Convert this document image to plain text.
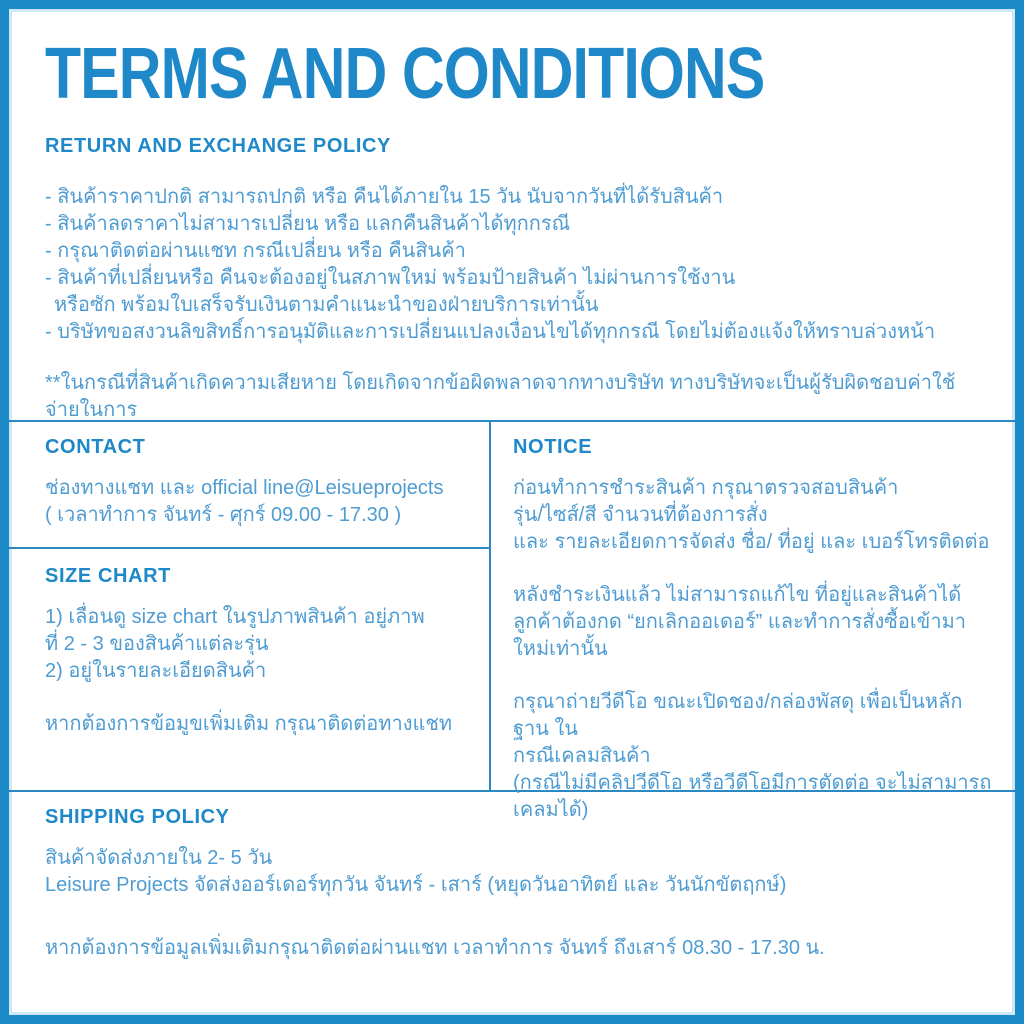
TERMS AND CONDITIONS
RETURN AND EXCHANGE POLICY
- สินค้าราคาปกติ สามารถปกติ หรือ คืนได้ภายใน 15 วัน นับจากวันที่ได้รับสินค้า
- สินค้าลดราคาไม่สามารเปลี่ยน หรือ แลกคืนสินค้าได้ทุกกรณี
- กรุณาติดต่อผ่านแชท กรณีเปลี่ยน หรือ คืนสินค้า
- สินค้าที่เปลี่ยนหรือ คืนจะต้องอยู่ในสภาพใหม่ พร้อมป้ายสินค้า ไม่ผ่านการใช้งาน
หรือซัก พร้อมใบเสร็จรับเงินตามคำแนะนำของฝ่ายบริการเท่านั้น
- บริษัทขอสงวนลิขสิทธิ์การอนุมัติและการเปลี่ยนแปลงเงื่อนไขได้ทุกกรณี โดยไม่ต้องแจ้งให้ทราบล่วงหน้า
**ในกรณีที่สินค้าเกิดความเสียหาย โดยเกิดจากข้อผิดพลาดจากทางบริษัท ทางบริษัทจะเป็นผู้รับผิดชอบค่าใช้จ่ายในการ
CONTACT
ช่องทางแชท และ official line@Leisueprojects
( เวลาทำการ จันทร์ - ศุกร์ 09.00 - 17.30 )
SIZE CHART
1) เลื่อนดู size chart ในรูปภาพสินค้า อยู่ภาพ
ที่ 2 - 3 ของสินค้าแต่ละรุ่น
2) อยู่ในรายละเอียดสินค้า
หากต้องการข้อมูขเพิ่มเติม กรุณาติดต่อทางแชท
NOTICE
ก่อนทำการชำระสินค้า กรุณาตรวจสอบสินค้า
รุ่น/ไซส์/สี จำนวนที่ต้องการสั่ง
และ รายละเอียดการจัดส่ง ชื่อ/ ที่อยู่ และ เบอร์โทรติดต่อ
หลังชำระเงินแล้ว ไม่สามารถแก้ไข ที่อยู่และสินค้าได้
ลูกค้าต้องกด “ยกเลิกออเดอร์” และทำการสั่งซื้อเข้ามาใหม่เท่านั้น
กรุณาถ่ายวีดีโอ ขณะเปิดชอง/กล่องพัสดุ เพื่อเป็นหลักฐาน ใน
กรณีเคลมสินค้า
(กรณีไม่มีคลิปวีดีโอ หรือวีดีโอมีการตัดต่อ จะไม่สามารถเคลมได้)
SHIPPING POLICY
สินค้าจัดส่งภายใน 2- 5 วัน
Leisure Projects จัดส่งออร์เดอร์ทุกวัน จันทร์ - เสาร์ (หยุดวันอาทิตย์ และ วันนักขัตฤกษ์)
หากต้องการข้อมูลเพิ่มเติมกรุณาติดต่อผ่านแชท เวลาทำการ จันทร์ ถึงเสาร์ 08.30 - 17.30 น.
